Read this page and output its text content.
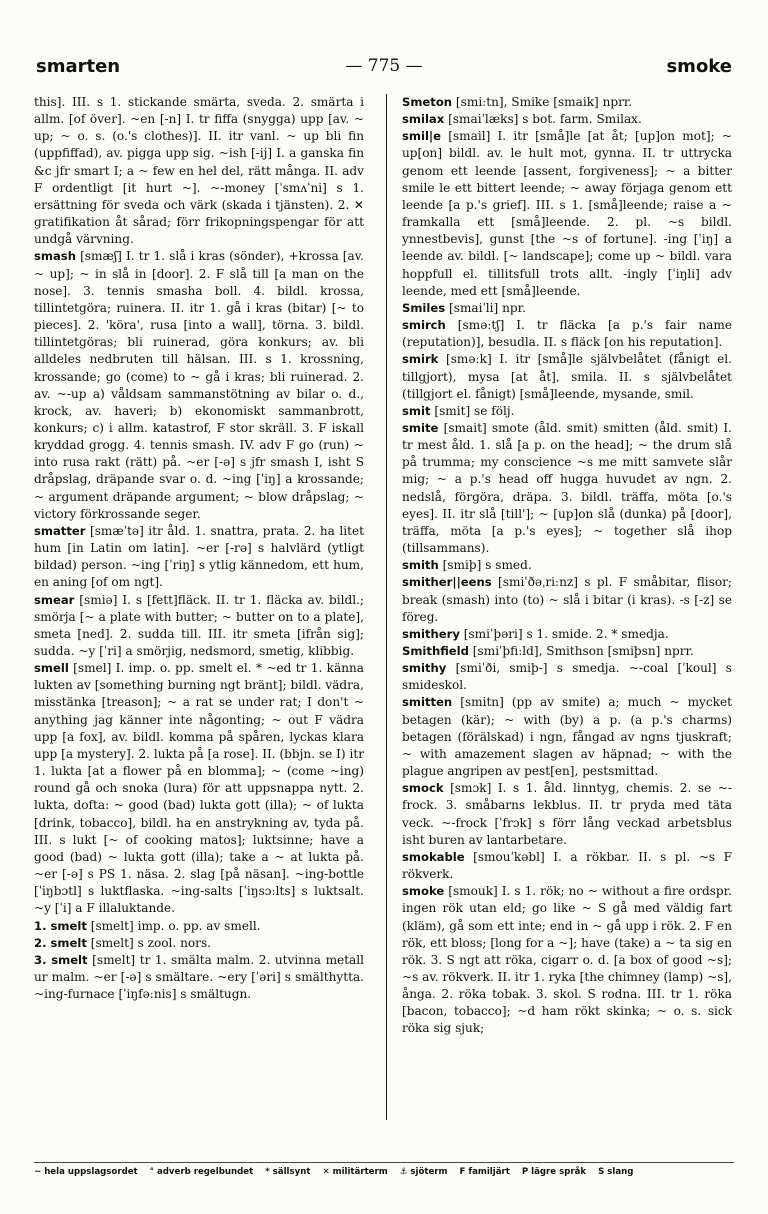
smarten	— 775 —	smoke

this]. III. s 1. stickande smärta, sveda. 2. smärta i allm. [of över]. ~en [-n] I. tr fiffa (snygga) upp [av. ~ up; ~ o. s. (o.'s clothes)]. II. itr vanl. ~ up bli fin (uppfiffad), av. pigga upp sig. ~ish [-ij] I. a ganska fin &c jfr smart I; a ~ few en hel del, rätt många. II. adv F ordentligt [it hurt ~]. ~-money [ˈsmʌˈni] s 1. ersättning för sveda och värk (skada i tjänsten). 2. ✕ gratifikation åt sårad; förr frikopningspengar för att undgå värvning.

smash [smæʃ] I. tr 1. slå i kras (sönder), +krossa [av. ~ up]; ~ in slå in [door]. 2. F slå till [a man on the nose]. 3. tennis smasha boll. 4. bildl. krossa, tillintetgöra; ruinera. II. itr 1. gå i kras (bitar) [~ to pieces]. 2. 'köra', rusa [into a wall], törna. 3. bildl. tillintetgöras; bli ruinerad, göra konkurs; av. bli alldeles nedbruten till hälsan. III. s 1. krossning, krossande; go (come) to ~ gå i kras; bli ruinerad. 2. av. ~-up a) våldsam sammanstötning av bilar o. d., krock, av. haveri; b) ekonomiskt sammanbrott, konkurs; c) i allm. katastrof, F stor skräll. 3. F iskall kryddad grogg. 4. tennis smash. IV. adv F go (run) ~ into rusa rakt (rätt) på. ~er [-ə] s jfr smash I, isht S dråpslag, dräpande svar o. d. ~ing [ˈiŋ] a krossande; ~ argument dräpande argument; ~ blow dråpslag; ~ victory förkrossande seger.

smatter [smæˈtə] itr åld. 1. snattra, prata. 2. ha litet hum [in Latin om latin]. ~er [-rə] s halvlärd (ytligt bildad) person. ~ing [ˈriŋ] s ytlig kännedom, ett hum, en aning [of om ngt].

smear [smiə] I. s [fett]fläck. II. tr 1. fläcka av. bildl.; smörja [~ a plate with butter; ~ butter on to a plate], smeta [ned]. 2. sudda till. III. itr smeta [ifrån sig]; sudda. ~y [ˈri] a smörjig, nedsmord, smetig, klibbig.

smell [smel] I. imp. o. pp. smelt el. * ~ed tr 1. känna lukten av [something burning ngt bränt]; bildl. vädra, misstänka [treason]; ~ a rat se under rat; I don't ~ anything jag känner inte någonting; ~ out F vädra upp [a fox], av. bildl. komma på spåren, lyckas klara upp [a mystery]. 2. lukta på [a rose]. II. (bbjn. se I) itr 1. lukta [at a flower på en blomma]; ~ (come ~ing) round gå och snoka (lura) för att uppsnappa nytt. 2. lukta, dofta: ~ good (bad) lukta gott (illa); ~ of lukta [drink, tobacco], bildl. ha en anstrykning av, tyda på. III. s lukt [~ of cooking matos]; luktsinne; have a good (bad) ~ lukta gott (illa); take a ~ at lukta på. ~er [-ə] s PS 1. näsa. 2. slag [på näsan]. ~ing-bottle [ˈiŋbɔtl] s luktflaska. ~ing-salts [ˈiŋsɔːlts] s luktsalt. ~y [ˈi] a F illaluktande.

1. smelt [smelt] imp. o. pp. av smell.

2. smelt [smelt] s zool. nors.

3. smelt [smelt] tr 1. smälta malm. 2. utvinna metall ur malm. ~er [-ə] s smältare. ~ery [ˈəri] s smälthytta. ~ing-furnace [ˈiŋfəːnis] s smältugn.

Smeton [smiːtn], Smike [smaik] nprr.

smilax [smaiˈlæks] s bot. farm. Smilax.

smil|e [smail] I. itr [små]le [at åt; [up]on mot]; ~ up[on] bildl. av. le hult mot, gynna. II. tr uttrycka genom ett leende [assent, forgiveness]; ~ a bitter smile le ett bittert leende; ~ away förjaga genom ett leende [a p.'s grief]. III. s 1. [små]leende; raise a ~ framkalla ett [små]leende. 2. pl. ~s bildl. ynnestbevis], gunst [the ~s of fortune]. -ing [ˈiŋ] a leende av. bildl. [~ landscape]; come up ~ bildl. vara hoppfull el. tillitsfull trots allt. -ingly [ˈiŋli] adv leende, med ett [små]leende.

Smiles [smaiˈli] npr.

smirch [sməːtʃ] I. tr fläcka [a p.'s fair name (reputation)], besudla. II. s fläck [on his reputation].

smirk [sməːk] I. itr [små]le självbelåtet (fånigt el. tillgjort), mysa [at åt], smila. II. s självbelåtet (tillgjort el. fånigt) [små]leende, mysande, smil.

smit [smit] se följ.

smite [smait] smote (åld. smit) smitten (åld. smit) I. tr mest åld. 1. slå [a p. on the head]; ~ the drum slå på trumma; my conscience ~s me mitt samvete slår mig; ~ a p.'s head off hugga huvudet av ngn. 2. nedslå, förgöra, dräpa. 3. bildl. träffa, möta [o.'s eyes]. II. itr slå [till']; ~ [up]on slå (dunka) på [door], träffa, möta [a p.'s eyes]; ~ together slå ihop (tillsammans).

smith [smiþ] s smed.

smither||eens [smiˈðəˌriːnz] s pl. F småbitar, flisor; break (smash) into (to) ~ slå i bitar (i kras). -s [-z] se föreg.

smithery [smiˈþəri] s 1. smide. 2. * smedja.

Smithfield [smiˈþfiːld], Smithson [smiþsn] nprr.

smithy [smiˈði, smiþ-] s smedja. ~-coal [ˈkoul] s smideskol.

smitten [smitn] (pp av smite) a; much ~ mycket betagen (kär); ~ with (by) a p. (a p.'s charms) betagen (förälskad) i ngn, fångad av ngns tjuskraft; ~ with amazement slagen av häpnad; ~ with the plague angripen av pest[en], pestsmittad.

smock [smɔk] I. s 1. åld. linntyg, chemis. 2. se ~-frock. 3. småbarns lekblus. II. tr pryda med täta veck. ~-frock [ˈfrɔk] s förr lång veckad arbetsblus isht buren av lantarbetare.

smokable [smouˈkəbl] I. a rökbar. II. s pl. ~s F rökverk.

smoke [smouk] I. s 1. rök; no ~ without a fire ordspr. ingen rök utan eld; go like ~ S gå med väldig fart (kläm), gå som ett inte; end in ~ gå upp i rök. 2. F en rök, ett bloss; [long for a ~]; have (take) a ~ ta sig en rök. 3. S ngt att röka, cigarr o. d. [a box of good ~s]; ~s av. rökverk. II. itr 1. ryka [the chimney (lamp) ~s], ånga. 2. röka tobak. 3. skol. S rodna. III. tr 1. röka [bacon, tobacco]; ~d ham rökt skinka; ~ o. s. sick röka sig sjuk;

~ hela uppslagsordet ° adverb regelbundet * sällsynt ✕ militärterm ⚓ sjöterm F familjärt P lägre språk S slang
